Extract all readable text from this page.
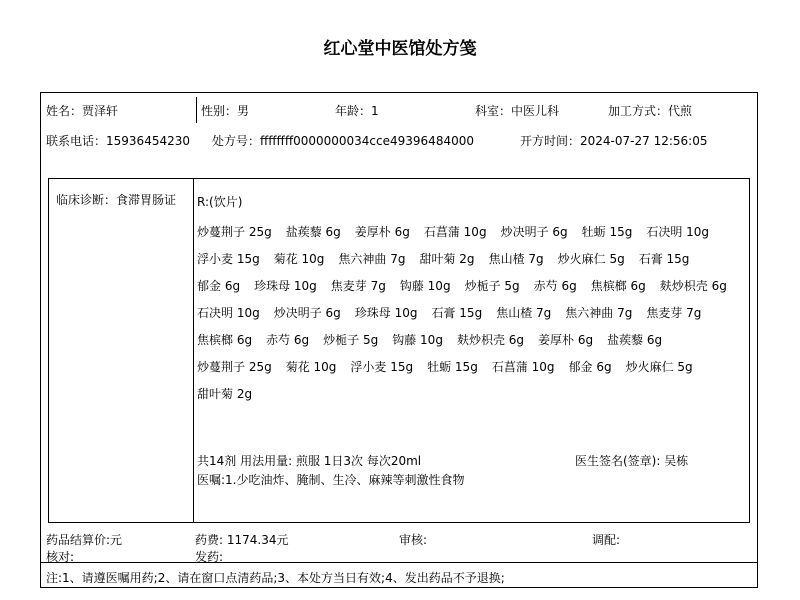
红心堂中医馆处方笺
姓名：贾泽轩	性别：男	年龄：1	科室：中医儿科	加工方式：代煎
联系电话：15936454230 处方号：ffffffff0000000034cce49396484000	开方时间：2024-07-27 12:56:05
临床诊断：食滞胃肠证 R:(饮片)
炒蔓荆子 25g 盐蒺藜 6g 姜厚朴 6g 石菖蒲 10g 炒决明子 6g 牡蛎 15g 石决明 10g
浮小麦 15g 菊花 10g 焦六神曲 7g 甜叶菊 2g 焦山楂 7g 炒火麻仁 5g 石膏 15g
郁金 6g 珍珠母 10g 焦麦芽 7g 钩藤 10g 炒栀子 5g 赤芍 6g 焦槟榔 6g 麸炒枳壳 6g
石决明 10g 炒决明子 6g 珍珠母 10g 石膏 15g 焦山楂 7g 焦六神曲 7g 焦麦芽 7g
焦槟榔 6g 赤芍 6g 炒栀子 5g 钩藤 10g 麸炒枳壳 6g 姜厚朴 6g 盐蒺藜 6g
炒蔓荆子 25g 菊花 10g 浮小麦 15g 牡蛎 15g 石菖蒲 10g 郁金 6g 炒火麻仁 5g
甜叶菊 2g
共14剂 用法用量: 煎服 1日3次 每次20ml	医生签名(签章): 吴栋
医嘱:1.少吃油炸、腌制、生冷、麻辣等刺激性食物
药品结算价:元	药费: 1174.34元	审核:	调配:
核对:	发药:
注:1、请遵医嘱用药;2、请在窗口点清药品;3、本处方当日有效;4、发出药品不予退换;
